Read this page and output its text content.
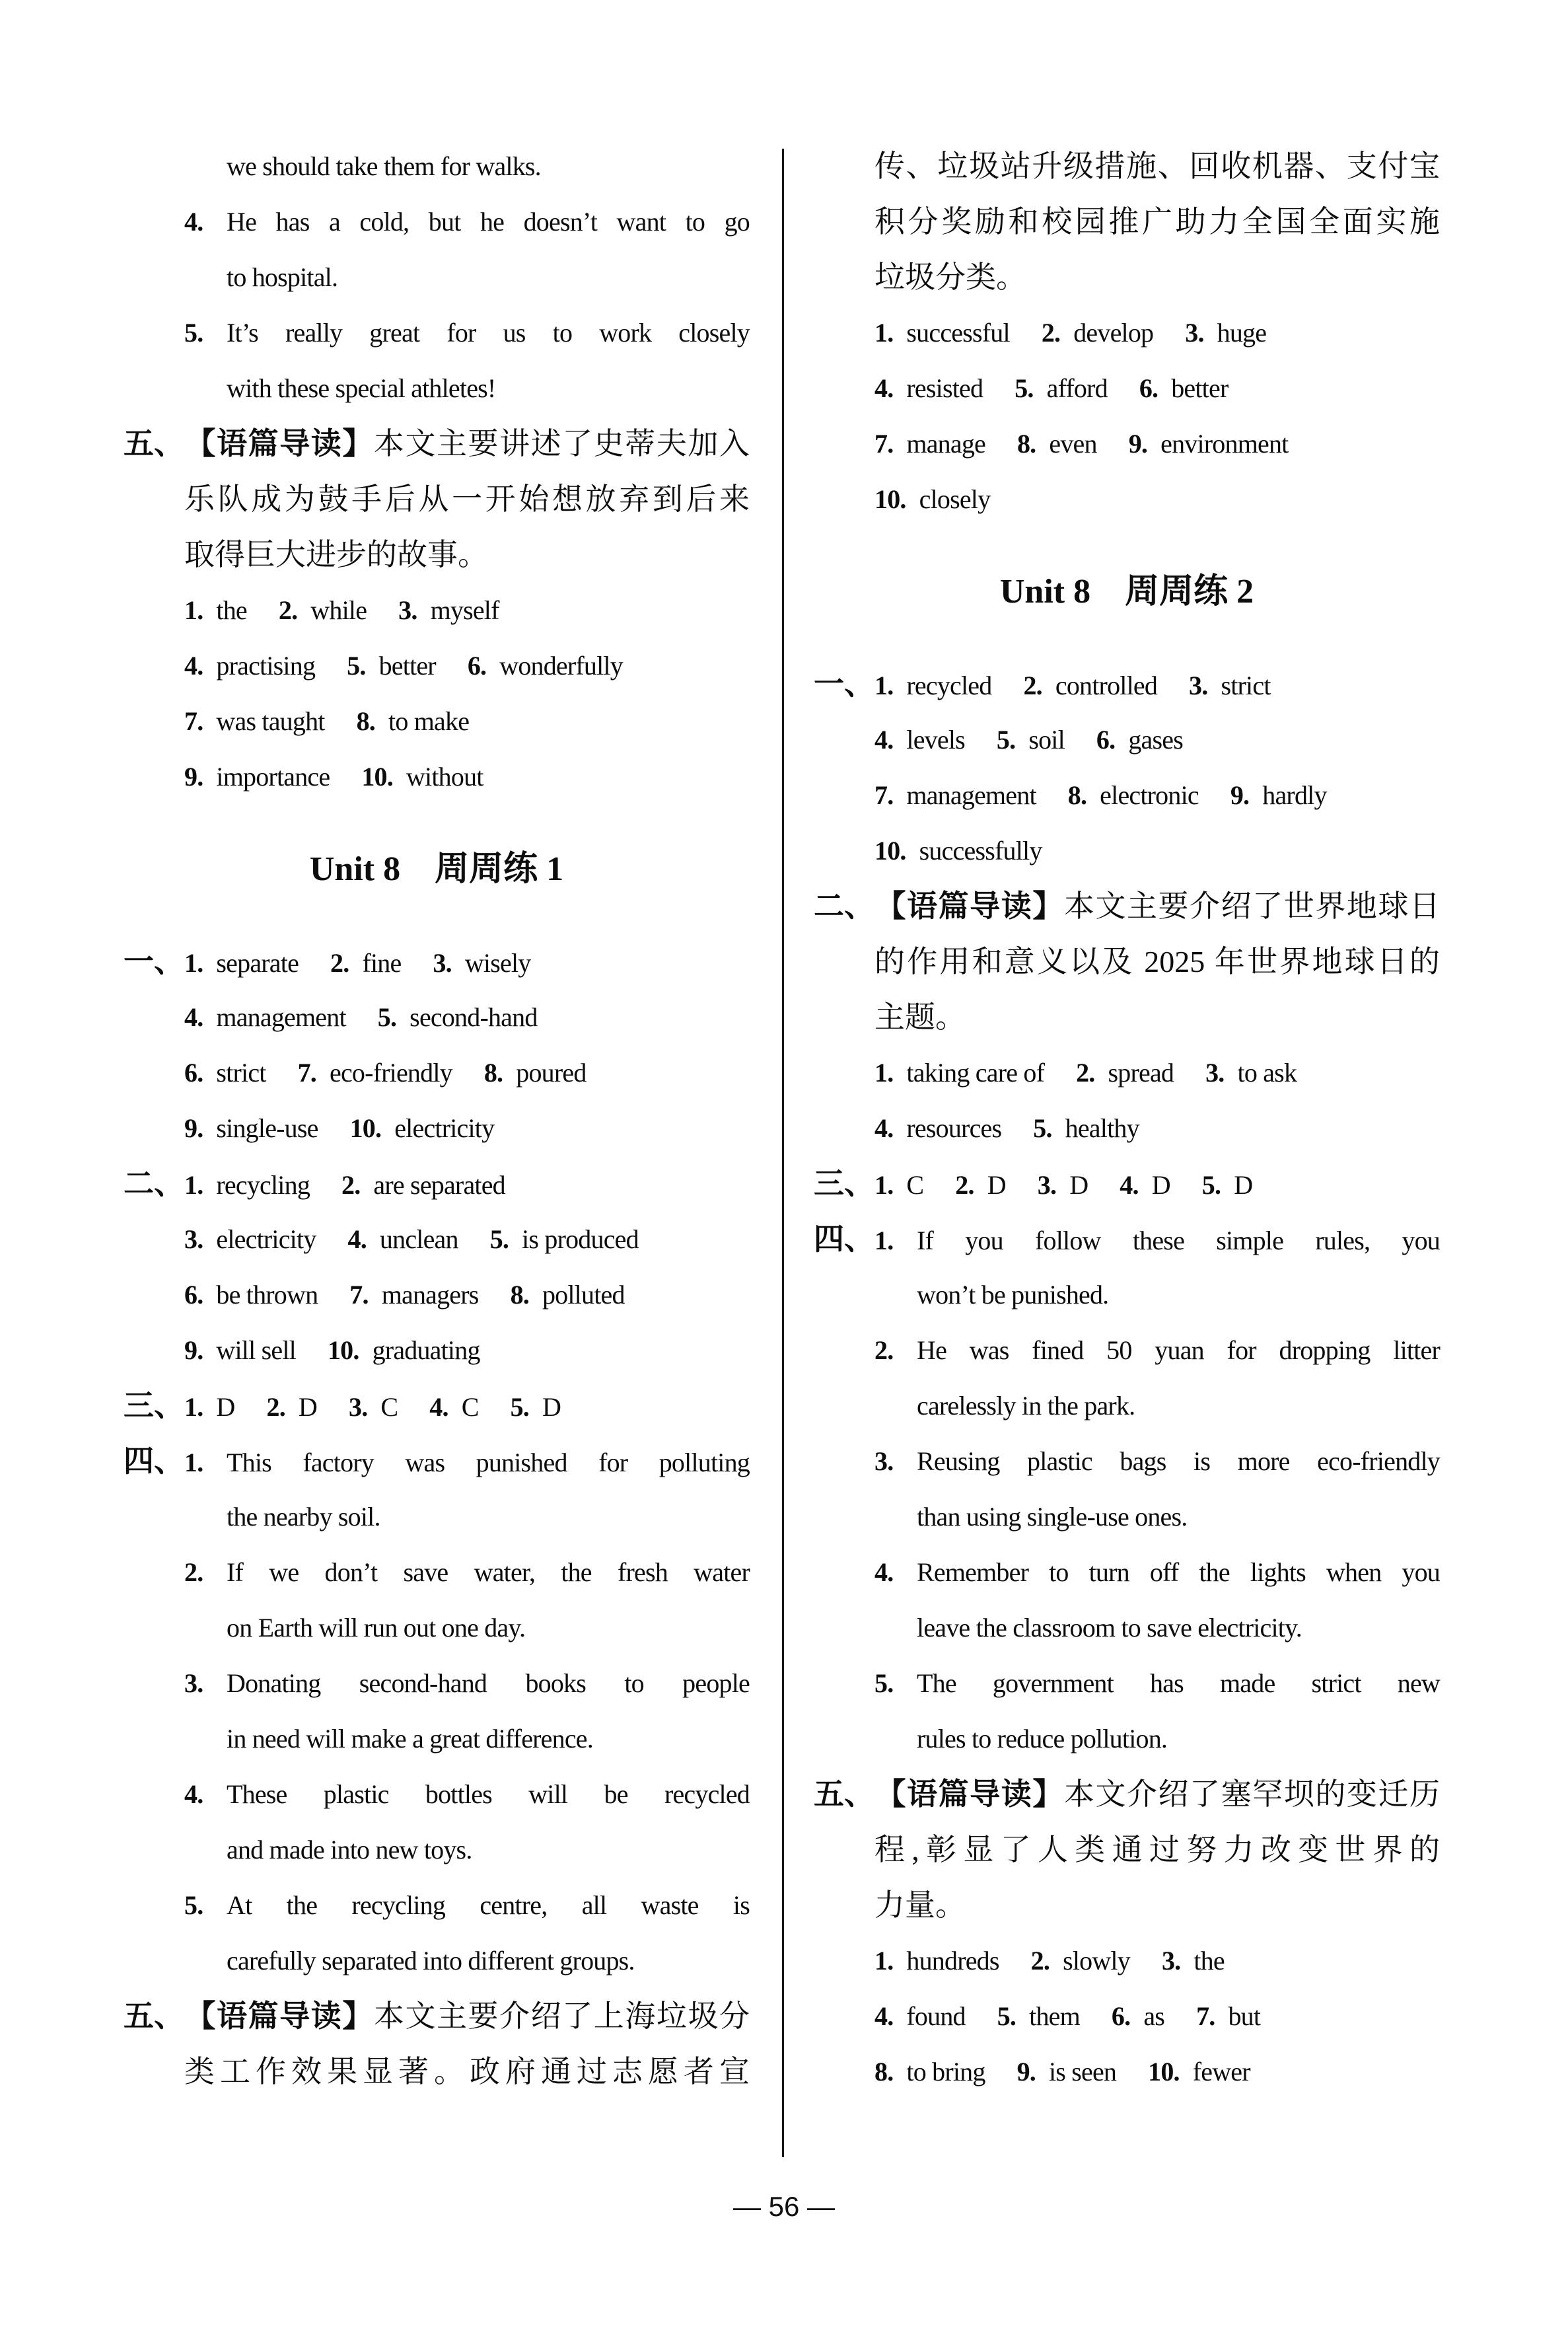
we should take them for walks.
4. He has a cold, but he doesn’t want to go
to hospital.
5. It’s really great for us to work closely
with these special athletes!
五、【语篇导读】本文主要讲述了史蒂夫加入
乐队成为鼓手后从一开始想放弃到后来
取得巨大进步的故事。
1. the 2. while 3. myself
4. practising 5. better 6. wonderfully
7. was taught 8. to make
9. importance 10. without
Unit 8 周周练 1
一、1. separate 2. fine 3. wisely
4. management 5. second-hand
6. strict 7. eco-friendly 8. poured
9. single-use 10. electricity
二、1. recycling 2. are separated
3. electricity 4. unclean 5. is produced
6. be thrown 7. managers 8. polluted
9. will sell 10. graduating
三、1. D 2. D 3. C 4. C 5. D
四、1. This factory was punished for polluting
the nearby soil.
2. If we don’t save water, the fresh water
on Earth will run out one day.
3. Donating second-hand books to people
in need will make a great difference.
4. These plastic bottles will be recycled
and made into new toys.
5. At the recycling centre, all waste is
carefully separated into different groups.
五、【语篇导读】本文主要介绍了上海垃圾分
类工作效果显著。政府通过志愿者宣
传、垃圾站升级措施、回收机器、支付宝
积分奖励和校园推广助力全国全面实施
垃圾分类。
1. successful 2. develop 3. huge
4. resisted 5. afford 6. better
7. manage 8. even 9. environment
10. closely
Unit 8 周周练 2
一、1. recycled 2. controlled 3. strict
4. levels 5. soil 6. gases
7. management 8. electronic 9. hardly
10. successfully
二、【语篇导读】本文主要介绍了世界地球日
的作用和意义以及 2025 年世界地球日的
主题。
1. taking care of 2. spread 3. to ask
4. resources 5. healthy
三、1. C 2. D 3. D 4. D 5. D
四、1. If you follow these simple rules, you
won’t be punished.
2. He was fined 50 yuan for dropping litter
carelessly in the park.
3. Reusing plastic bags is more eco-friendly
than using single-use ones.
4. Remember to turn off the lights when you
leave the classroom to save electricity.
5. The government has made strict new
rules to reduce pollution.
五、【语篇导读】本文介绍了塞罕坝的变迁历
程,彰显了人类通过努力改变世界的
力量。
1. hundreds 2. slowly 3. the
4. found 5. them 6. as 7. but
8. to bring 9. is seen 10. fewer
— 56 —
